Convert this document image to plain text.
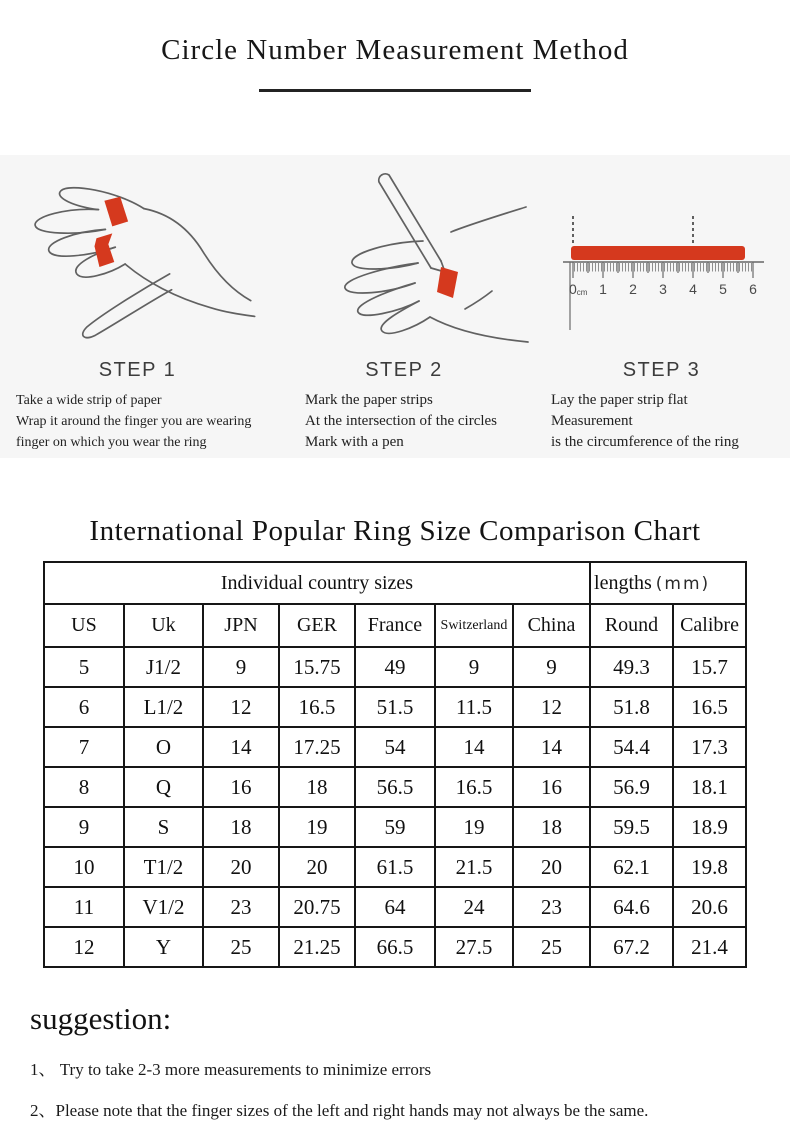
Circle Number Measurement Method
STEP 1

Take a wide strip of paper

Wrap it around the finger you are wearing

finger on which you wear the ring

STEP 2

Mark the paper strips

At the intersection of the circles

Mark with a pen

0cm 1 2 3 4 5 6
STEP 3

Lay the paper strip flat

Measurement

is the circumference of the ring

International Popular Ring Size Comparison Chart
Individual country sizes							lengths (mm)	
US	Uk	JPN	GER	France	Switzerland	China	Round	Calibre
5	J1/2	9	15.75	49	9	9	49.3	15.7
6	L1/2	12	16.5	51.5	11.5	12	51.8	16.5
7	O	14	17.25	54	14	14	54.4	17.3
8	Q	16	18	56.5	16.5	16	56.9	18.1
9	S	18	19	59	19	18	59.5	18.9
10	T1/2	20	20	61.5	21.5	20	62.1	19.8
11	V1/2	23	20.75	64	24	23	64.6	20.6
12	Y	25	21.25	66.5	27.5	25	67.2	21.4
suggestion:

1、 Try to take 2-3 more measurements to minimize errors

2、Please note that the finger sizes of the left and right hands may not always be the same.
